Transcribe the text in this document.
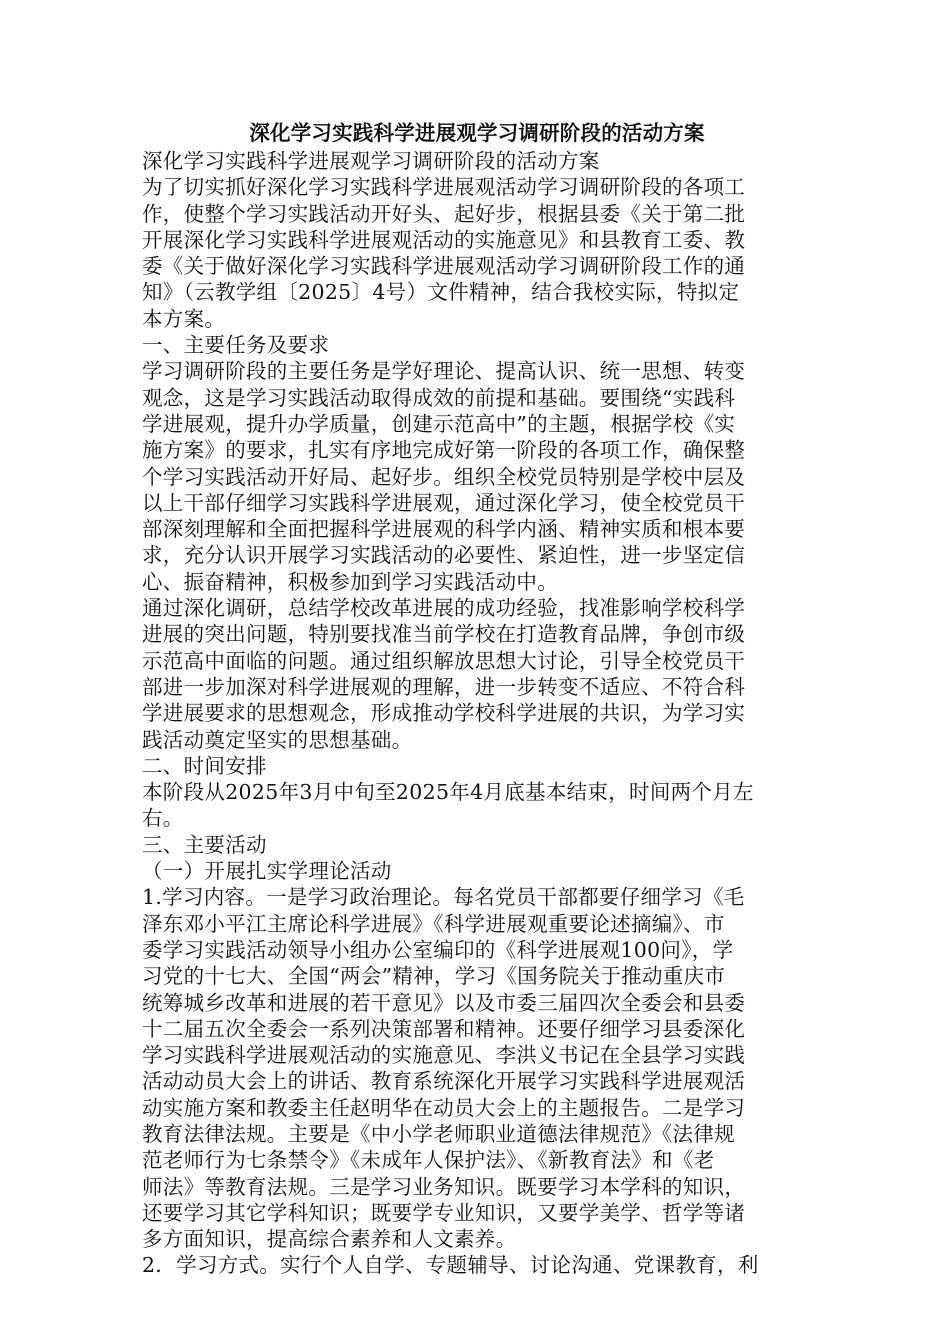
深化学习实践科学进展观学习调研阶段的活动方案
深化学习实践科学进展观学习调研阶段的活动方案
为了切实抓好深化学习实践科学进展观活动学习调研阶段的各项工
作，使整个学习实践活动开好头、起好步，根据县委《关于第二批
开展深化学习实践科学进展观活动的实施意见》和县教育工委、教
委《关于做好深化学习实践科学进展观活动学习调研阶段工作的通
知》（云教学组〔2025〕4号）文件精神，结合我校实际，特拟定
本方案。
一、主要任务及要求
学习调研阶段的主要任务是学好理论、提高认识、统一思想、转变
观念，这是学习实践活动取得成效的前提和基础。要围绕“实践科
学进展观，提升办学质量，创建示范高中”的主题，根据学校《实
施方案》的要求，扎实有序地完成好第一阶段的各项工作，确保整
个学习实践活动开好局、起好步。组织全校党员特别是学校中层及
以上干部仔细学习实践科学进展观，通过深化学习，使全校党员干
部深刻理解和全面把握科学进展观的科学内涵、精神实质和根本要
求，充分认识开展学习实践活动的必要性、紧迫性，进一步坚定信
心、振奋精神，积极参加到学习实践活动中。
通过深化调研，总结学校改革进展的成功经验，找准影响学校科学
进展的突出问题，特别要找准当前学校在打造教育品牌，争创市级
示范高中面临的问题。通过组织解放思想大讨论，引导全校党员干
部进一步加深对科学进展观的理解，进一步转变不适应、不符合科
学进展要求的思想观念，形成推动学校科学进展的共识，为学习实
践活动奠定坚实的思想基础。
二、时间安排
本阶段从2025年3月中旬至2025年4月底基本结束，时间两个月左
右。
三、主要活动
（一）开展扎实学理论活动
1.学习内容。一是学习政治理论。每名党员干部都要仔细学习《毛
泽东邓小平江主席论科学进展》《科学进展观重要论述摘编》、市
委学习实践活动领导小组办公室编印的《科学进展观100问》，学
习党的十七大、全国“两会”精神，学习《国务院关于推动重庆市
统筹城乡改革和进展的若干意见》以及市委三届四次全委会和县委
十二届五次全委会一系列决策部署和精神。还要仔细学习县委深化
学习实践科学进展观活动的实施意见、李洪义书记在全县学习实践
活动动员大会上的讲话、教育系统深化开展学习实践科学进展观活
动实施方案和教委主任赵明华在动员大会上的主题报告。二是学习
教育法律法规。主要是《中小学老师职业道德法律规范》《法律规
范老师行为七条禁令》《未成年人保护法》、《新教育法》和《老
师法》等教育法规。三是学习业务知识。既要学习本学科的知识，
还要学习其它学科知识；既要学专业知识，又要学美学、哲学等诸
多方面知识，提高综合素养和人文素养。
2．学习方式。实行个人自学、专题辅导、讨论沟通、党课教育，利
